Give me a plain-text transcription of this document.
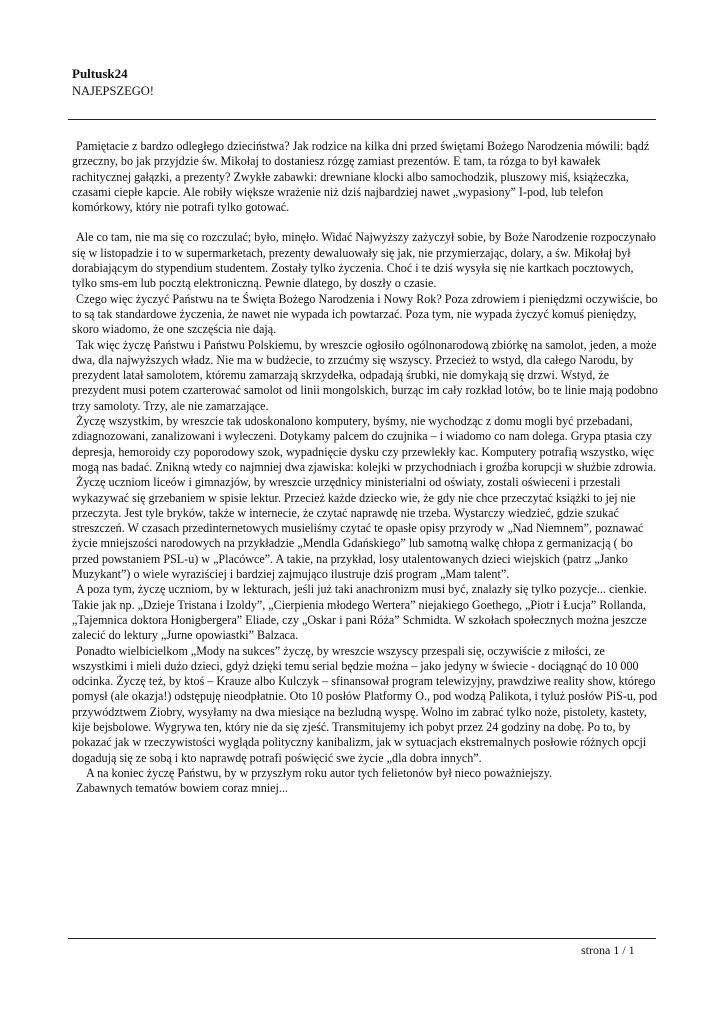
Pultusk24
NAJEPSZEGO!

Pamiętacie z bardzo odległego dzieciństwa? Jak rodzice na kilka dni przed świętami Bożego Narodzenia mówili: bądź grzeczny, bo jak przyjdzie św. Mikołaj to dostaniesz rózgę zamiast prezentów. E tam, ta rózga to był kawałek rachitycznej gałązki, a prezenty? Zwykłe zabawki: drewniane klocki albo samochodzik, pluszowy miś, książeczka, czasami ciepłe kapcie. Ale robiły większe wrażenie niż dziś najbardziej nawet „wypasiony” I-pod, lub telefon komórkowy, który nie potrafi tylko gotować.

Ale co tam, nie ma się co rozczulać; było, minęło. Widać Najwyższy zażyczył sobie, by Boże Narodzenie rozpoczynało się w listopadzie i to w supermarketach, prezenty dewaluowały się jak, nie przymierzając, dolary, a św. Mikołaj był dorabiającym do stypendium studentem. Zostały tylko życzenia. Choć i te dziś wysyła się nie kartkach pocztowych, tylko sms-em lub pocztą elektroniczną. Pewnie dlatego, by doszły o czasie.

Czego więc życzyć Państwu na te Święta Bożego Narodzenia i Nowy Rok? Poza zdrowiem i pieniędzmi oczywiście, bo to są tak standardowe życzenia, że nawet nie wypada ich powtarzać. Poza tym, nie wypada życzyć komuś pieniędzy, skoro wiadomo, że one szczęścia nie dają.

Tak więc życzę Państwu i Państwu Polskiemu, by wreszcie ogłosiło ogólnonarodową zbiórkę na samolot, jeden, a może dwa, dla najwyższych władz. Nie ma w budżecie, to zrzućmy się wszyscy. Przecież to wstyd, dla całego Narodu, by prezydent latał samolotem, któremu zamarzają skrzydełka, odpadają śrubki, nie domykają się drzwi. Wstyd, że prezydent musi potem czarterować samolot od linii mongolskich, burząc im cały rozkład lotów, bo te linie mają podobno trzy samoloty. Trzy, ale nie zamarzające.

Życzę wszystkim, by wreszcie tak udoskonalono komputery, byśmy, nie wychodząc z domu mogli być przebadani, zdiagnozowani, zanalizowani i wyleczeni. Dotykamy palcem do czujnika – i wiadomo co nam dolega. Grypa ptasia czy depresja, hemoroidy czy poporodowy szok, wypadnięcie dysku czy przewlekły kac. Komputery potrafią wszystko, więc mogą nas badać. Znikną wtedy co najmniej dwa zjawiska: kolejki w przychodniach i groźba korupcji w służbie zdrowia.

Życzę uczniom liceów i gimnazjów, by wreszcie urzędnicy ministerialni od oświaty, zostali oświeceni i przestali wykazywać się grzebaniem w spisie lektur. Przecież każde dziecko wie, że gdy nie chce przeczytać książki to jej nie przeczyta. Jest tyle bryków, także w internecie, że czytać naprawdę nie trzeba. Wystarczy wiedzieć, gdzie szukać streszczeń. W czasach przedinternetowych musieliśmy czytać te opasłe opisy przyrody w „Nad Niemnem”, poznawać życie mniejszości narodowych na przykładzie „Mendla Gdańskiego” lub samotną walkę chłopa z germanizacją ( bo przed powstaniem PSL-u) w „Placówce”. A takie, na przykład, losy utalentowanych dzieci wiejskich (patrz „Janko Muzykant”) o wiele wyraziściej i bardziej zajmująco ilustruje dziś program „Mam talent”.

A poza tym, życzę uczniom, by w lekturach, jeśli już taki anachronizm musi być, znalazły się tylko pozycje... cienkie. Takie jak np. „Dzieje Tristana i Izoldy”, „Cierpienia młodego Wertera” niejakiego Goethego, „Piotr i Łucja” Rollanda, „Tajemnica doktora Honigbergera” Eliade, czy „Oskar i pani Róża” Schmidta. W szkołach społecznych można jeszcze zalecić do lektury „Jurne opowiastki” Balzaca.

Ponadto wielbicielkom „Mody na sukces” życzę, by wreszcie wszyscy przespali się, oczywiście z miłości, ze wszystkimi i mieli dużo dzieci, gdyż dzięki temu serial będzie można – jako jedyny w świecie - dociągnąć do 10 000 odcinka. Życzę też, by ktoś – Krauze albo Kulczyk – sfinansował program telewizyjny, prawdziwe reality show, którego pomysł (ale okazja!) odstępuję nieodpłatnie. Oto 10 posłów Platformy O., pod wodzą Palikota, i tyluż posłów PiS-u, pod przywództwem Ziobry, wysyłamy na dwa miesiące na bezludną wyspę. Wolno im zabrać tylko noże, pistolety, kastety, kije bejsbolowe. Wygrywa ten, który nie da się zjeść. Transmitujemy ich pobyt przez 24 godziny na dobę. Po to, by pokazać jak w rzeczywistości wygląda polityczny kanibalizm, jak w sytuacjach ekstremalnych posłowie różnych opcji dogadują się ze sobą i kto naprawdę potrafi poświęcić swe życie „dla dobra innych”.

A na koniec życzę Państwu, by w przyszłym roku autor tych felietonów był nieco poważniejszy.

Zabawnych tematów bowiem coraz mniej...

strona 1 / 1
